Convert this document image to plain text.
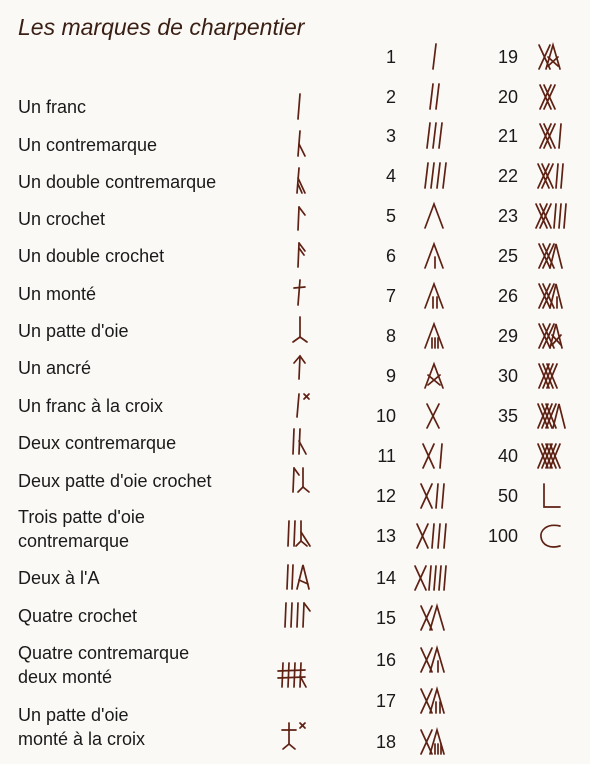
Les marques de charpentier
Un franc
Un contremarque
Un double contremarque
Un crochet
Un double crochet
Un monté
Un patte d'oie
Un ancré
Un franc à la croix
Deux contremarque
Deux patte d'oie crochet
Trois patte d'oie contremarque
Deux à l'A
Quatre crochet
Quatre contremarque deux monté
Un patte d'oie monté à la croix
1
2
3
4
5
6
7
8
9
10
11
12
13
14
15
16
17
18
19
20
21
22
23
25
26
29
30
35
40
50
100
